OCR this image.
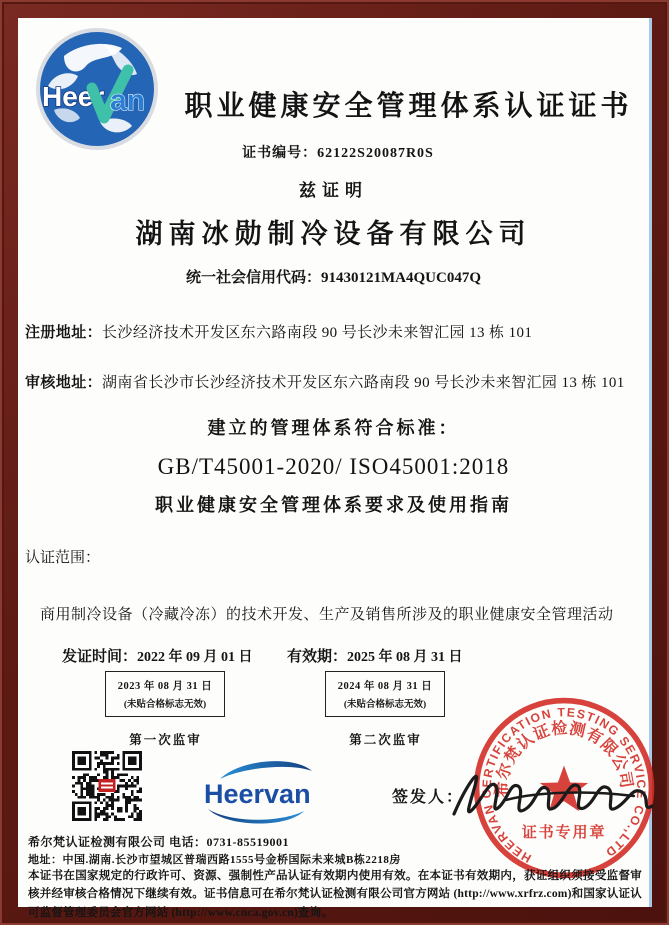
Heer an	职业健康安全管理体系认证证书
证书编号：62122S20087R0S
兹证明
湖南冰勋制冷设备有限公司
统一社会信用代码：91430121MA4QUC047Q
注册地址：长沙经济技术开发区东六路南段 90 号长沙未来智汇园 13 栋 101
审核地址：湖南省长沙市长沙经济技术开发区东六路南段 90 号长沙未来智汇园 13 栋 101
建立的管理体系符合标准：
GB/T45001-2020/ ISO45001:2018
职业健康安全管理体系要求及使用指南
认证范围：
商用制冷设备（冷藏冷冻）的技术开发、生产及销售所涉及的职业健康安全管理活动
发证时间：2022 年 09 月 01 日 有效期：2025 年 08 月 31 日
2023 年 08 月 31 日
(未贴合格标志无效)
2024 年 08 月 31 日
(未贴合格标志无效)
第一次监审	第二次监审
Heervan	签发人：
HEERVAN CERTIFICATION TESTING SERVICE CO.,LTD
希尔梵认证检测有限公司
证书专用章
希尔梵认证检测有限公司 电话：0731-85519001
地址：中国.湖南.长沙市望城区普瑞西路1555号金桥国际未来城B栋2218房
本证书在国家规定的行政许可、资源、强制性产品认证有效期内使用有效。在本证书有效期内，获证组织须接受监督审核并经审核合格情况下继续有效。证书信息可在希尔梵认证检测有限公司官方网站 (http://www.xrfrz.com)和国家认证认可监督管理委员会官方网站 (http://www.cnca.gov.cn)查询。
